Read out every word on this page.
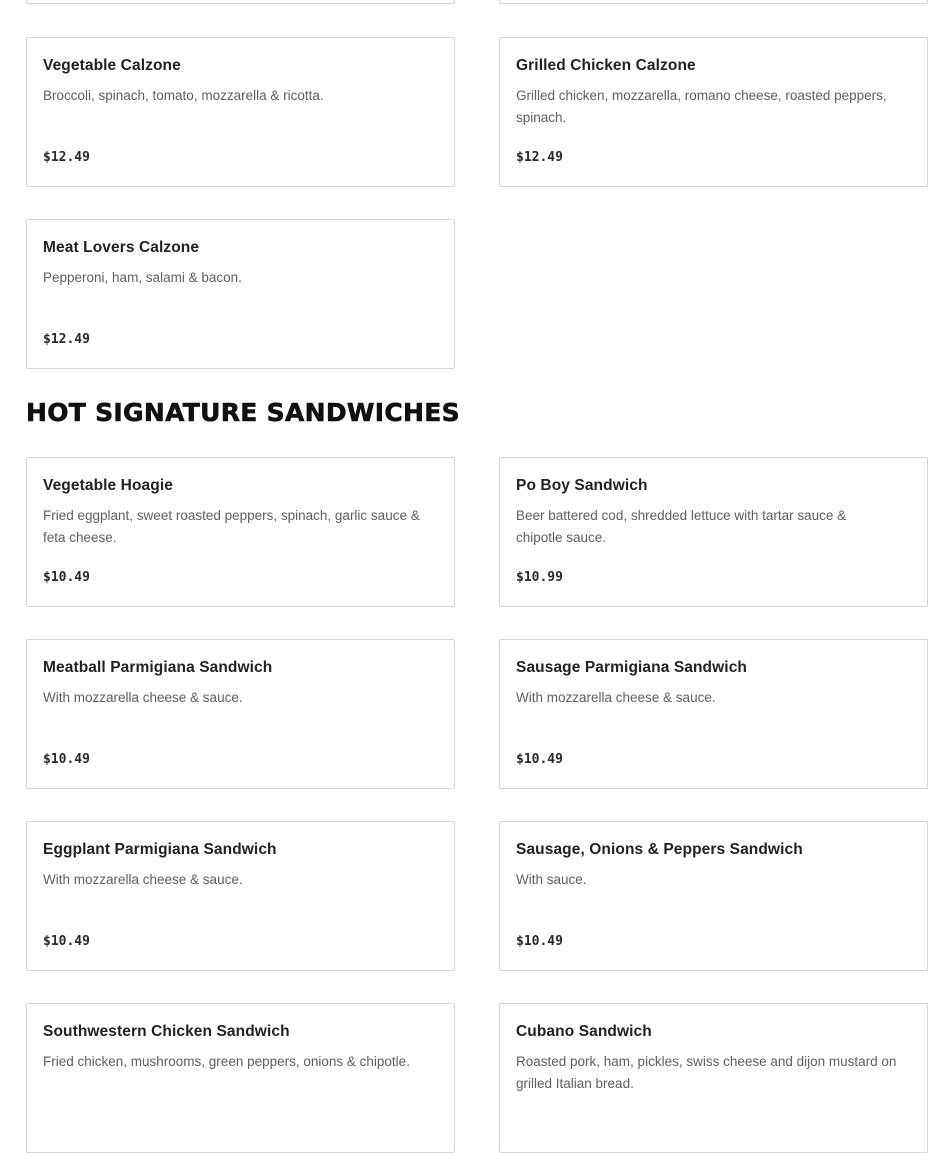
Vegetable Calzone
Broccoli, spinach, tomato, mozzarella & ricotta.
$12.49
Grilled Chicken Calzone
Grilled chicken, mozzarella, romano cheese, roasted peppers, spinach.
$12.49
Meat Lovers Calzone
Pepperoni, ham, salami & bacon.
$12.49
HOT SIGNATURE SANDWICHES
Vegetable Hoagie
Fried eggplant, sweet roasted peppers, spinach, garlic sauce & feta cheese.
$10.49
Po Boy Sandwich
Beer battered cod, shredded lettuce with tartar sauce & chipotle sauce.
$10.99
Meatball Parmigiana Sandwich
With mozzarella cheese & sauce.
$10.49
Sausage Parmigiana Sandwich
With mozzarella cheese & sauce.
$10.49
Eggplant Parmigiana Sandwich
With mozzarella cheese & sauce.
$10.49
Sausage, Onions & Peppers Sandwich
With sauce.
$10.49
Southwestern Chicken Sandwich
Fried chicken, mushrooms, green peppers, onions & chipotle.
Cubano Sandwich
Roasted pork, ham, pickles, swiss cheese and dijon mustard on grilled Italian bread.
